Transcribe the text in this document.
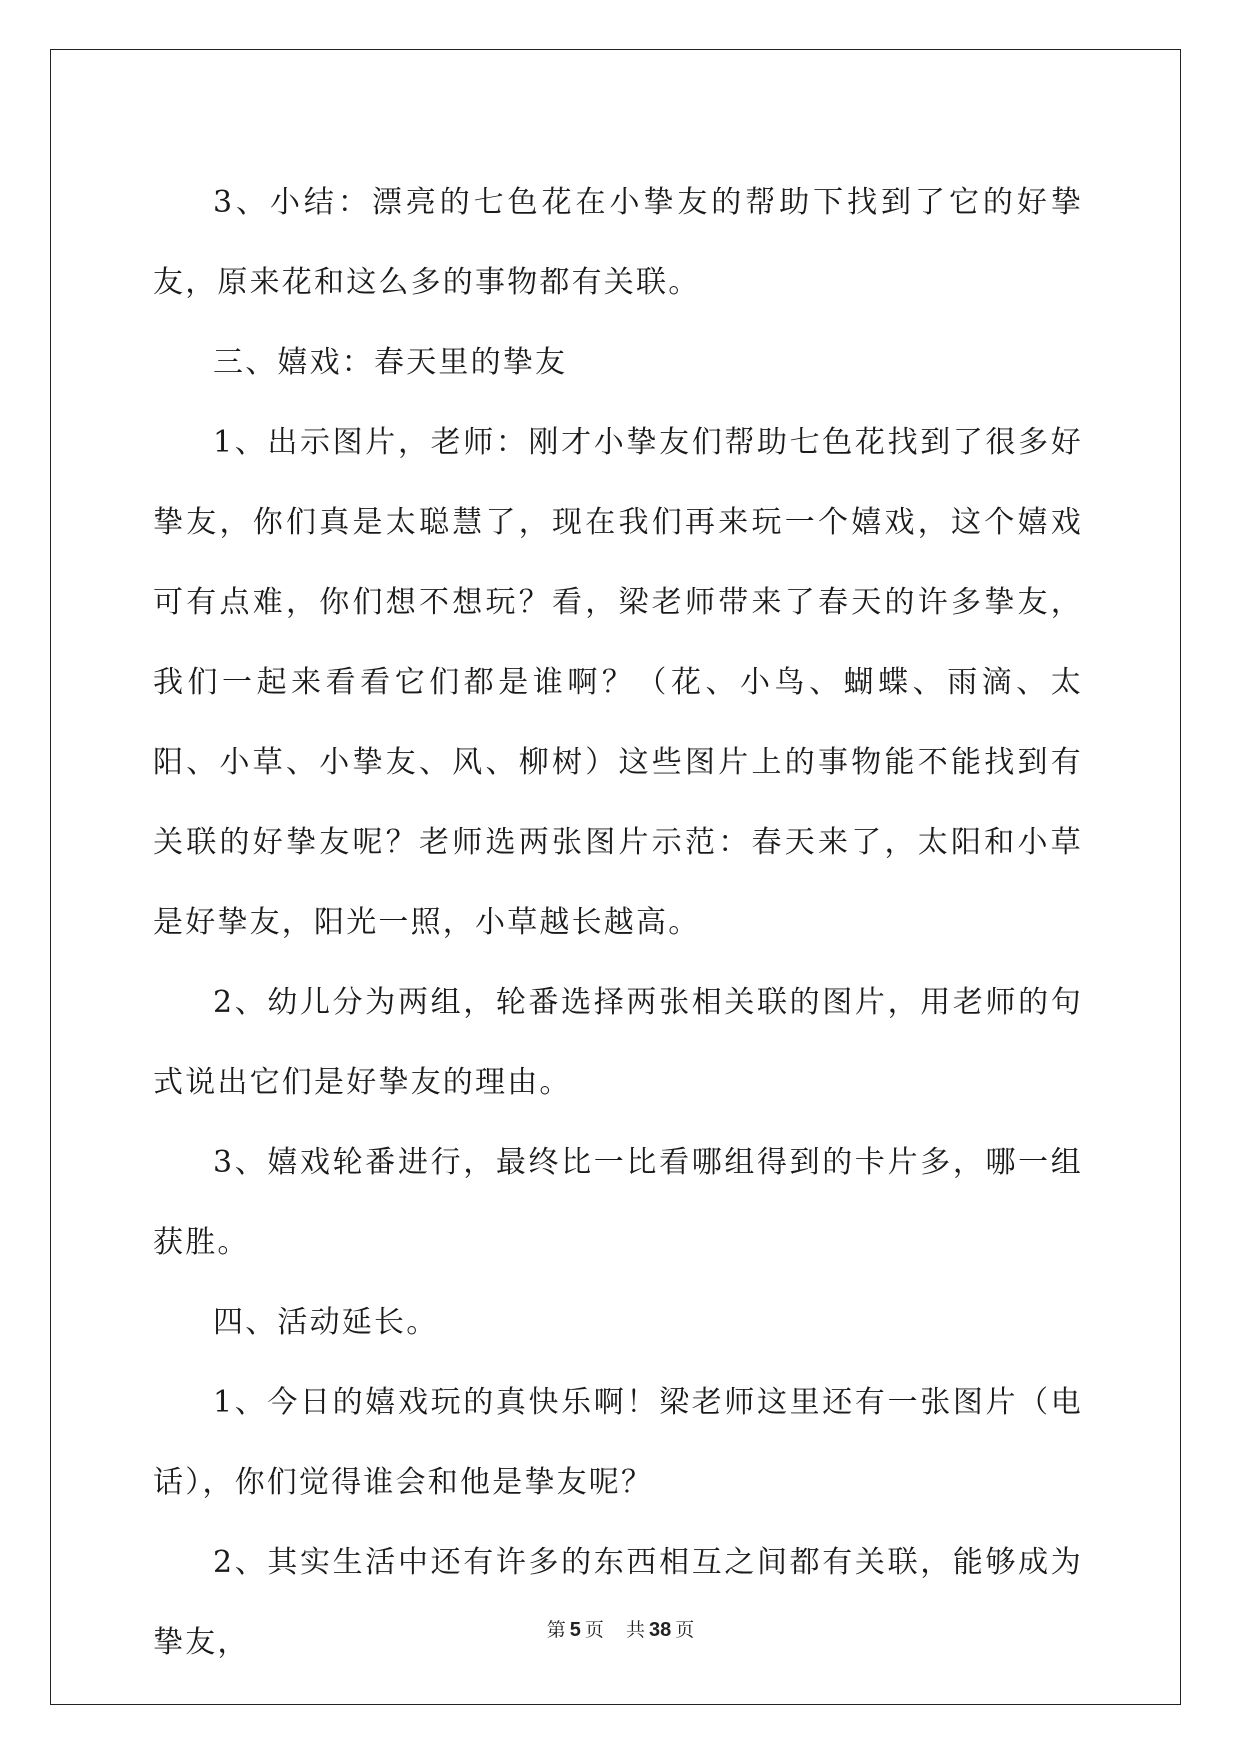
3、小结：漂亮的七色花在小挚友的帮助下找到了它的好挚友，原来花和这么多的事物都有关联。

三、嬉戏：春天里的挚友

1、出示图片，老师：刚才小挚友们帮助七色花找到了很多好挚友，你们真是太聪慧了，现在我们再来玩一个嬉戏，这个嬉戏可有点难，你们想不想玩？看，梁老师带来了春天的许多挚友，我们一起来看看它们都是谁啊？（花、小鸟、蝴蝶、雨滴、太阳、小草、小挚友、风、柳树）这些图片上的事物能不能找到有关联的好挚友呢？老师选两张图片示范：春天来了，太阳和小草是好挚友，阳光一照，小草越长越高。

2、幼儿分为两组，轮番选择两张相关联的图片，用老师的句式说出它们是好挚友的理由。

3、嬉戏轮番进行，最终比一比看哪组得到的卡片多，哪一组获胜。

四、活动延长。

1、今日的嬉戏玩的真快乐啊！梁老师这里还有一张图片（电话），你们觉得谁会和他是挚友呢？

2、其实生活中还有许多的东西相互之间都有关联，能够成为挚友，	第 5 页 共 38 页
